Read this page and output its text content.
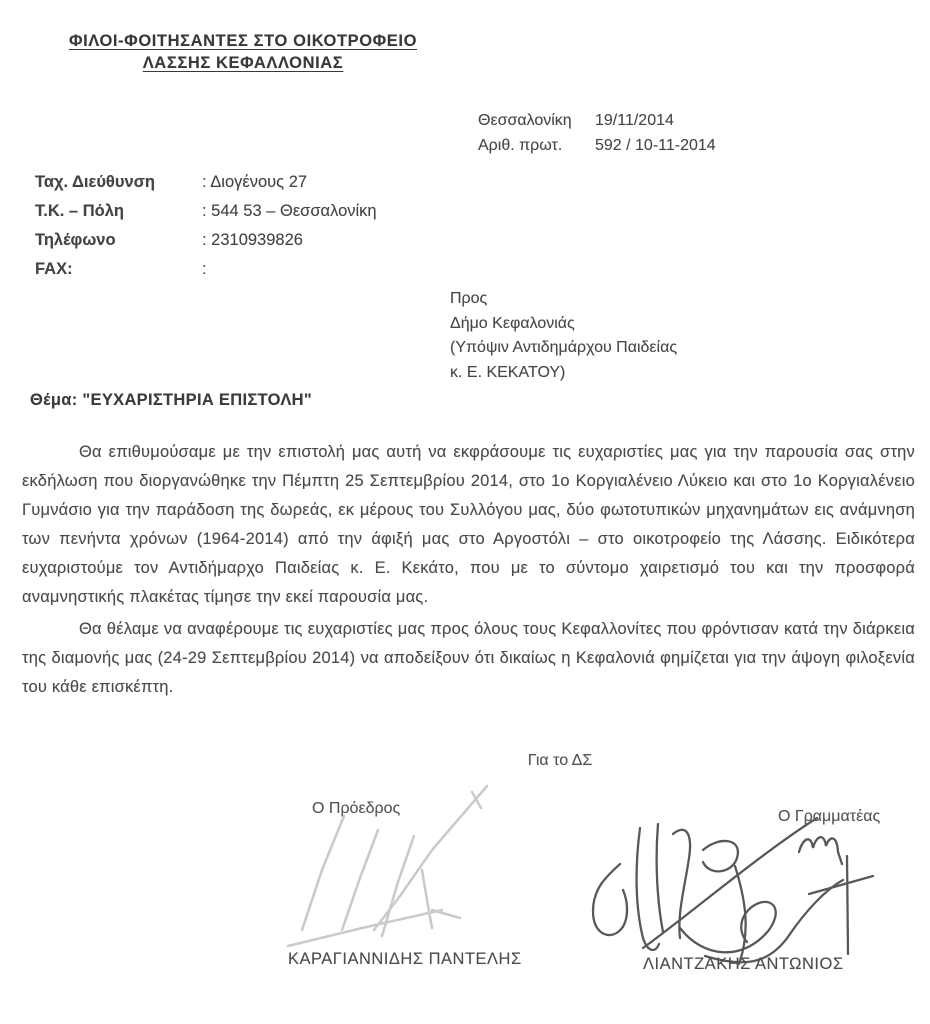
ΦΙΛΟΙ-ΦΟΙΤΗΣΑΝΤΕΣ ΣΤΟ ΟΙΚΟΤΡΟΦΕΙΟ
ΛΑΣΣΗΣ ΚΕΦΑΛΛΟΝΙΑΣ
Θεσσαλονίκη 19/11/2014
Αριθ. πρωτ. 592 / 10-11-2014
Ταχ. Διεύθυνση	: Διογένους 27
Τ.Κ. – Πόλη	: 544 53 – Θεσσαλονίκη
Τηλέφωνο	: 2310939826
FAX:	:
Προς
Δήμο Κεφαλονιάς
(Υπόψιν Αντιδημάρχου Παιδείας
κ. Ε. ΚΕΚΑΤΟΥ)
Θέμα: "ΕΥΧΑΡΙΣΤΗΡΙΑ ΕΠΙΣΤΟΛΗ"

Θα επιθυμούσαμε με την επιστολή μας αυτή να εκφράσουμε τις ευχαριστίες μας για την παρουσία σας στην εκδήλωση που διοργανώθηκε την Πέμπτη 25 Σεπτεμβρίου 2014, στο 1ο Κοργιαλένειο Λύκειο και στο 1ο Κοργιαλένειο Γυμνάσιο για την παράδοση της δωρεάς, εκ μέρους του Συλλόγου μας, δύο φωτοτυπικών μηχανημάτων εις ανάμνηση των πενήντα χρόνων (1964-2014) από την άφιξή μας στο Αργοστόλι – στο οικοτροφείο της Λάσσης. Ειδικότερα ευχαριστούμε τον Αντιδήμαρχο Παιδείας κ. Ε. Κεκάτο, που με το σύντομο χαιρετισμό του και την προσφορά αναμνηστικής πλακέτας τίμησε την εκεί παρουσία μας.

Θα θέλαμε να αναφέρουμε τις ευχαριστίες μας προς όλους τους Κεφαλλονίτες που φρόντισαν κατά την διάρκεια της διαμονής μας (24-29 Σεπτεμβρίου 2014) να αποδείξουν ότι δικαίως η Κεφαλονιά φημίζεται για την άψογη φιλοξενία του κάθε επισκέπτη.

Για το ΔΣ
Ο Πρόεδρος	Ο Γραμματέας
ΚΑΡΑΓΙΑΝΝΙΔΗΣ ΠΑΝΤΕΛΗΣ	ΛΙΑΝΤΖΑΚΗΣ ΑΝΤΩΝΙΟΣ
